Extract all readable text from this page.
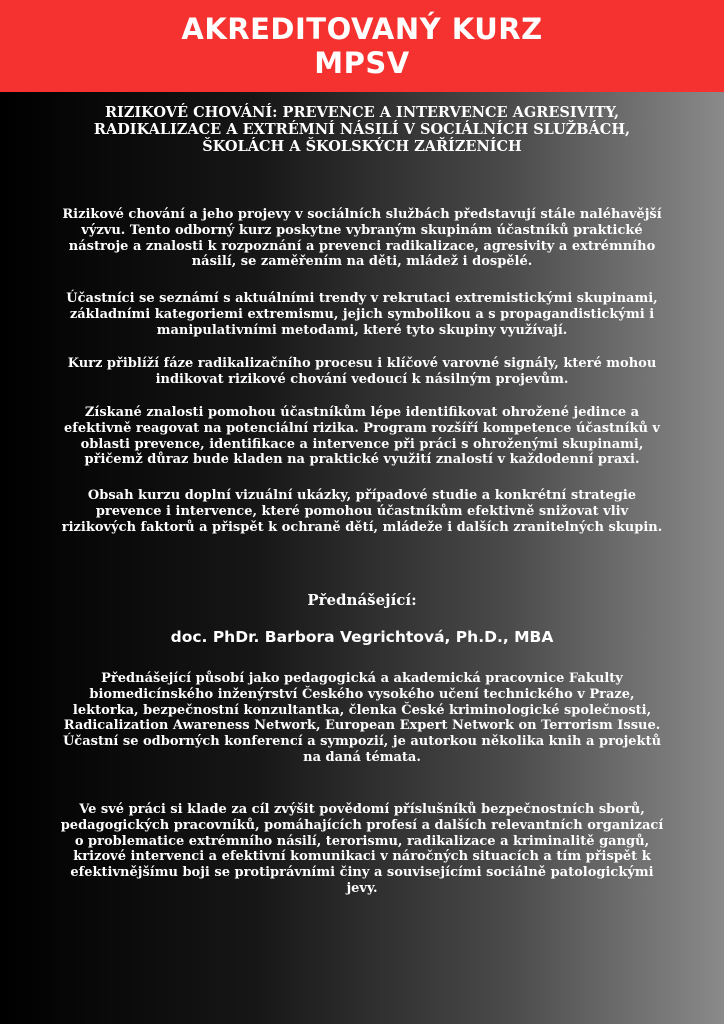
AKREDITOVANÝ KURZ
MPSV
RIZIKOVÉ CHOVÁNÍ: PREVENCE A INTERVENCE AGRESIVITY, RADIKALIZACE A EXTRÉMNÍ NÁSILÍ V SOCIÁLNÍCH SLUŽBÁCH, ŠKOLÁCH A ŠKOLSKÝCH ZAŘÍZENÍCH

Rizikové chování a jeho projevy v sociálních službách představují stále naléhavější výzvu. Tento odborný kurz poskytne vybraným skupinám účastníků praktické nástroje a znalosti k rozpoznání a prevenci radikalizace, agresivity a extrémního násilí, se zaměřením na děti, mládež i dospělé.

Účastníci se seznámí s aktuálními trendy v rekrutaci extremistickými skupinami, základními kategoriemi extremismu, jejich symbolikou a s propagandistickými i manipulativními metodami, které tyto skupiny využívají.

Kurz přiblíží fáze radikalizačního procesu i klíčové varovné signály, které mohou indikovat rizikové chování vedoucí k násilným projevům.

Získané znalosti pomohou účastníkům lépe identifikovat ohrožené jedince a efektivně reagovat na potenciální rizika. Program rozšíří kompetence účastníků v oblasti prevence, identifikace a intervence při práci s ohroženými skupinami, přičemž důraz bude kladen na praktické využití znalostí v každodenní praxi.

Obsah kurzu doplní vizuální ukázky, případové studie a konkrétní strategie prevence i intervence, které pomohou účastníkům efektivně snižovat vliv rizikových faktorů a přispět k ochraně dětí, mládeže i dalších zranitelných skupin.

Přednášející:
doc. PhDr. Barbora Vegrichtová, Ph.D., MBA

Přednášející působí jako pedagogická a akademická pracovnice Fakulty biomedicínského inženýrství Českého vysokého učení technického v Praze, lektorka, bezpečnostní konzultantka, členka České kriminologické společnosti, Radicalization Awareness Network, European Expert Network on Terrorism Issue. Účastní se odborných konferencí a sympozií, je autorkou několika knih a projektů na daná témata.

Ve své práci si klade za cíl zvýšit povědomí příslušníků bezpečnostních sborů, pedagogických pracovníků, pomáhajících profesí a dalších relevantních organizací o problematice extrémního násilí, terorismu, radikalizace a kriminalitě gangů, krizové intervenci a efektivní komunikaci v náročných situacích a tím přispět k efektivnějšímu boji se protiprávními činy a souvisejícími sociálně patologickými jevy.
